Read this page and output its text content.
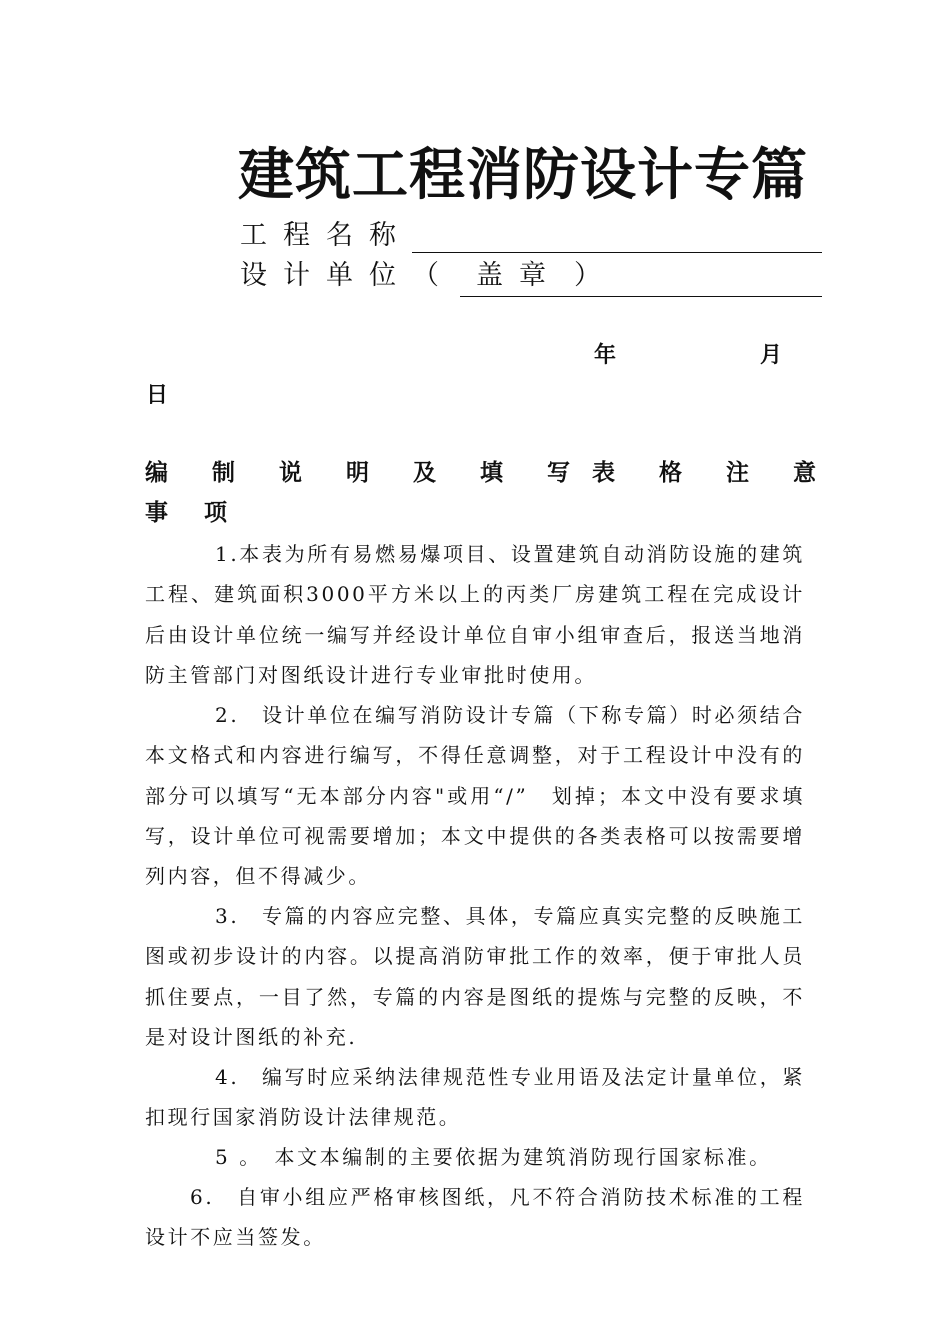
建筑工程消防设计专篇
工程名称
设计单位（ 盖章 ）
年	月
日
编 制 说 明 及 填 写 表 格 注 意
事 项

1.本表为所有易燃易爆项目、设置建筑自动消防设施的建筑工程、建筑面积3000平方米以上的丙类厂房建筑工程在完成设计后由设计单位统一编写并经设计单位自审小组审查后，报送当地消防主管部门对图纸设计进行专业审批时使用。

2.　设计单位在编写消防设计专篇（下称专篇）时必须结合本文格式和内容进行编写，不得任意调整，对于工程设计中没有的部分可以填写“无本部分内容"或用“/”　划掉；本文中没有要求填写，设计单位可视需要增加；本文中提供的各类表格可以按需要增列内容，但不得减少。

3.　专篇的内容应完整、具体，专篇应真实完整的反映施工图或初步设计的内容。以提高消防审批工作的效率，便于审批人员抓住要点，一目了然，专篇的内容是图纸的提炼与完整的反映，不是对设计图纸的补充.

4.　编写时应采纳法律规范性专业用语及法定计量单位，紧扣现行国家消防设计法律规范。

5 。　本文本编制的主要依据为建筑消防现行国家标准。

6.　自审小组应严格审核图纸，凡不符合消防技术标准的工程设计不应当签发。
